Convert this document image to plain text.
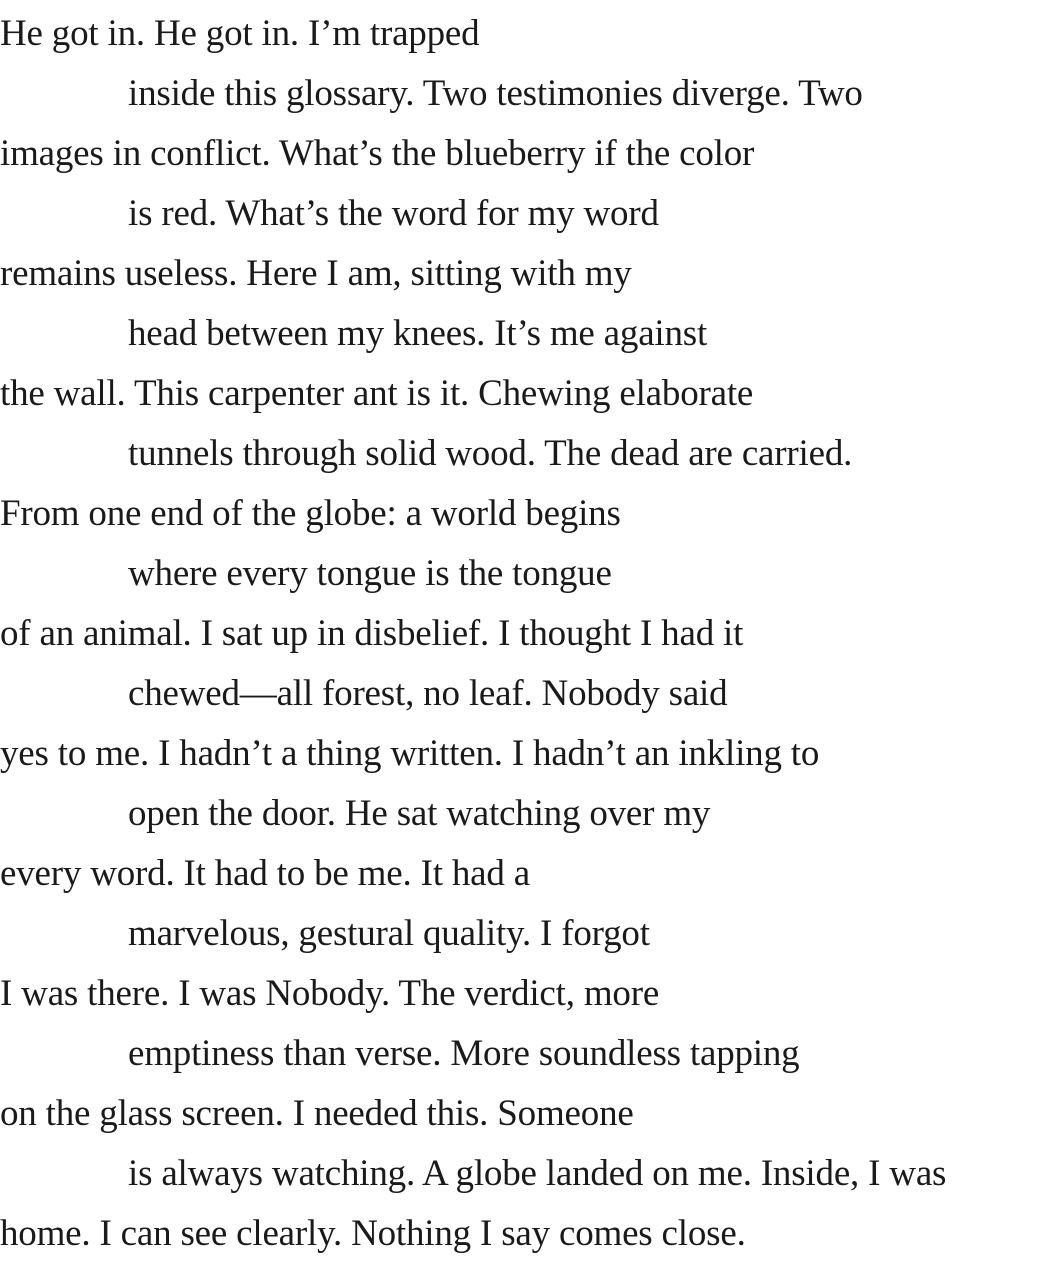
He got in. He got in. I’m trapped
inside this glossary. Two testimonies diverge. Two
images in conflict. What’s the blueberry if the color
is red. What’s the word for my word
remains useless. Here I am, sitting with my
head between my knees. It’s me against
the wall. This carpenter ant is it. Chewing elaborate
tunnels through solid wood. The dead are carried.
From one end of the globe: a world begins
where every tongue is the tongue
of an animal. I sat up in disbelief. I thought I had it
chewed—all forest, no leaf. Nobody said
yes to me. I hadn’t a thing written. I hadn’t an inkling to
open the door. He sat watching over my
every word. It had to be me. It had a
marvelous, gestural quality. I forgot
I was there. I was Nobody. The verdict, more
emptiness than verse. More soundless tapping
on the glass screen. I needed this. Someone
is always watching. A globe landed on me. Inside, I was
home. I can see clearly. Nothing I say comes close.
